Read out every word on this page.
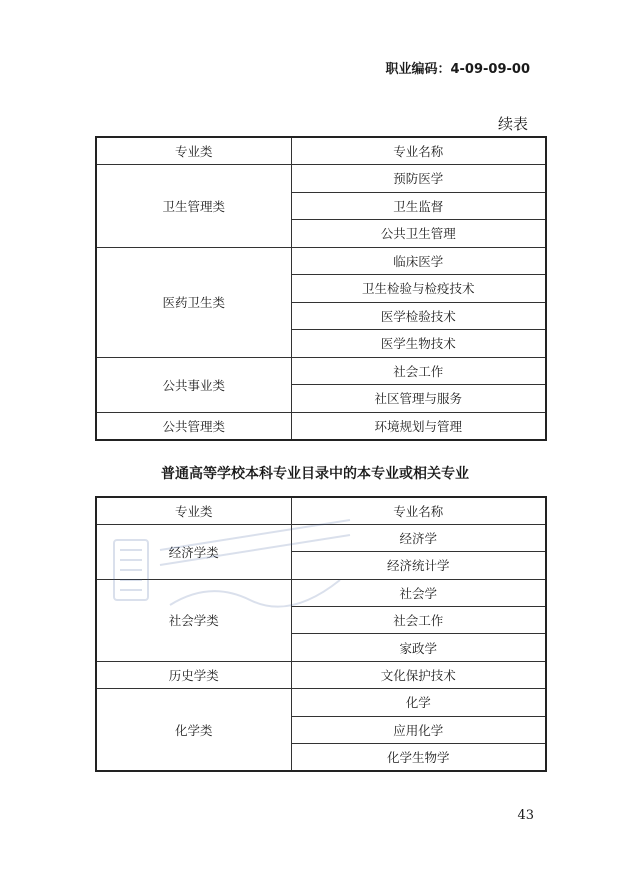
职业编码：4-09-09-00
续表
专业类	专业名称
卫生管理类	预防医学
	卫生监督
	公共卫生管理
医药卫生类	临床医学
	卫生检验与检疫技术
	医学检验技术
	医学生物技术
公共事业类	社会工作
	社区管理与服务
公共管理类	环境规划与管理
普通高等学校本科专业目录中的本专业或相关专业
专业类	专业名称
经济学类	经济学
	经济统计学
社会学类	社会学
	社会工作
	家政学
历史学类	文化保护技术
化学类	化学
	应用化学
	化学生物学
43
